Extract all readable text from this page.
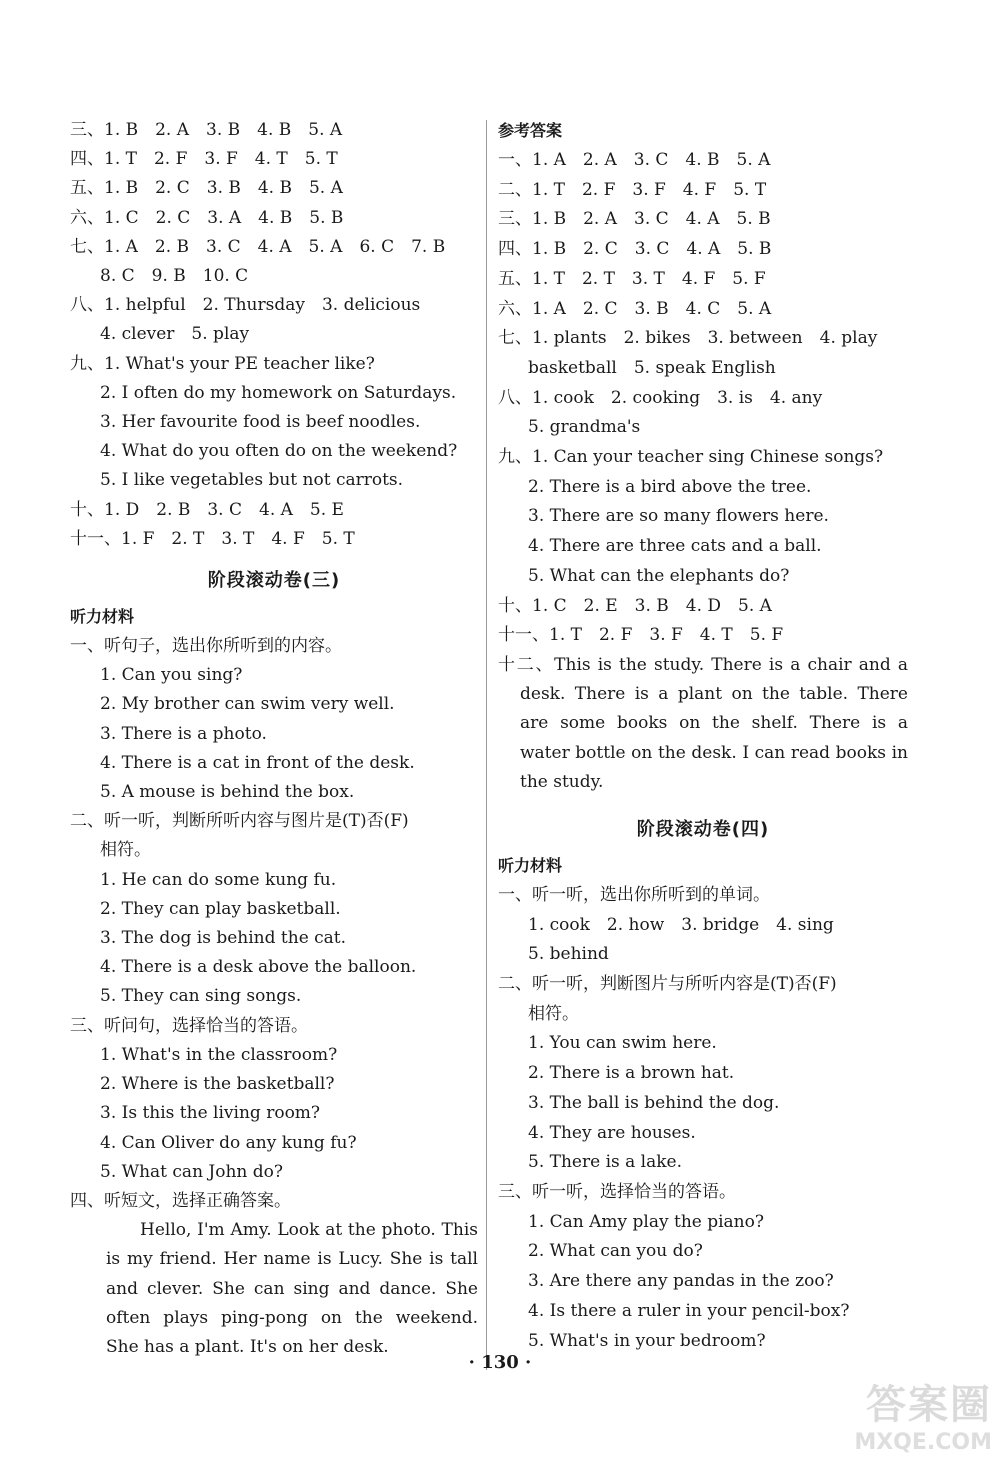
三、1. B　2. A　3. B　4. B　5. A
四、1. T　2. F　3. F　4. T　5. T
五、1. B　2. C　3. B　4. B　5. A
六、1. C　2. C　3. A　4. B　5. B
七、1. A　2. B　3. C　4. A　5. A　6. C　7. B
8. C　9. B　10. C
八、1. helpful　2. Thursday　3. delicious
4. clever　5. play
九、1. What's your PE teacher like?
2. I often do my homework on Saturdays.
3. Her favourite food is beef noodles.
4. What do you often do on the weekend?
5. I like vegetables but not carrots.
十、1. D　2. B　3. C　4. A　5. E
十一、1. F　2. T　3. T　4. F　5. T
阶段滚动卷(三)
听力材料
一、听句子，选出你所听到的内容。
1. Can you sing?
2. My brother can swim very well.
3. There is a photo.
4. There is a cat in front of the desk.
5. A mouse is behind the box.
二、听一听，判断所听内容与图片是(T)否(F)
相符。
1. He can do some kung fu.
2. They can play basketball.
3. The dog is behind the cat.
4. There is a desk above the balloon.
5. They can sing songs.
三、听问句，选择恰当的答语。
1. What's in the classroom?
2. Where is the basketball?
3. Is this the living room?
4. Can Oliver do any kung fu?
5. What can John do?
四、听短文，选择正确答案。
Hello, I'm Amy. Look at the photo. This is my friend. Her name is Lucy. She is tall and clever. She can sing and dance. She often plays ping-pong on the weekend. She has a plant. It's on her desk.
参考答案
一、1. A　2. A　3. C　4. B　5. A
二、1. T　2. F　3. F　4. F　5. T
三、1. B　2. A　3. C　4. A　5. B
四、1. B　2. C　3. C　4. A　5. B
五、1. T　2. T　3. T　4. F　5. F
六、1. A　2. C　3. B　4. C　5. A
七、1. plants　2. bikes　3. between　4. play
basketball　5. speak English
八、1. cook　2. cooking　3. is　4. any
5. grandma's
九、1. Can your teacher sing Chinese songs?
2. There is a bird above the tree.
3. There are so many flowers here.
4. There are three cats and a ball.
5. What can the elephants do?
十、1. C　2. E　3. B　4. D　5. A
十一、1. T　2. F　3. F　4. T　5. F
十二、This is the study. There is a chair and a desk. There is a plant on the table. There are some books on the shelf. There is a water bottle on the desk. I can read books in the study.
阶段滚动卷(四)
听力材料
一、听一听，选出你所听到的单词。
1. cook　2. how　3. bridge　4. sing
5. behind
二、听一听，判断图片与所听内容是(T)否(F)
相符。
1. You can swim here.
2. There is a brown hat.
3. The ball is behind the dog.
4. They are houses.
5. There is a lake.
三、听一听，选择恰当的答语。
1. Can Amy play the piano?
2. What can you do?
3. Are there any pandas in the zoo?
4. Is there a ruler in your pencil-box?
5. What's in your bedroom?
· 130 ·
答案圈
MXQE.COM
